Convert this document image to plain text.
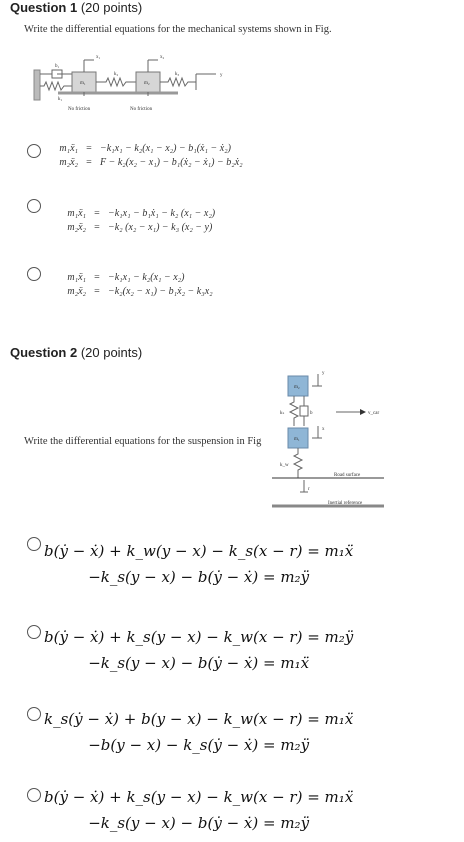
Question 1 (20 points)
Write the differential equations for the mechanical systems shown in Fig.
b₁
k₁
m₁
x₁
k₂
x₂
m₂
k₃	y
No friction	No friction
m₁ẍ₁ = −k₁x₁ − k₂(x₁ − x₂) − b₁(ẋ₁ − ẋ₂)
m₂ẍ₂ = F − k₂(x₂ − x₁) − b₁(ẋ₂ − ẋ₁) − b₂ẋ₂
m₁ẍ₁ = −k₁x₁ − b₁ẋ₁ − k₂ (x₁ − x₂)
m₂ẍ₂ = −k₂ (x₂ − x₁) − k₃ (x₂ − y)
m₁ẍ₁ = −k₁x₁ − k₂(x₁ − x₂)
m₂ẍ₂ = −k₂(x₂ − x₁) − b₁ẋ₂ − k₃x₂
Question 2 (20 points)
Write the differential equations for the suspension in Fig
m₂
m₁
y
x
r
kₛ	b
k_w
v_car
Road surface
Inertial reference
b(ẏ − ẋ) + k_w(y − x) − k_s(x − r) = m₁ẍ
−k_s(y − x) − b(ẏ − ẋ) = m₂ÿ
b(ẏ − ẋ) + k_s(y − x) − k_w(x − r) = m₂ÿ
−k_s(y − x) − b(ẏ − ẋ) = m₁ẍ
k_s(ẏ − ẋ) + b(y − x) − k_w(x − r) = m₁ẍ
−b(y − x) − k_s(ẏ − ẋ) = m₂ÿ
b(ẏ − ẋ) + k_s(y − x) − k_w(x − r) = m₁ẍ
−k_s(y − x) − b(ẏ − ẋ) = m₂ÿ
